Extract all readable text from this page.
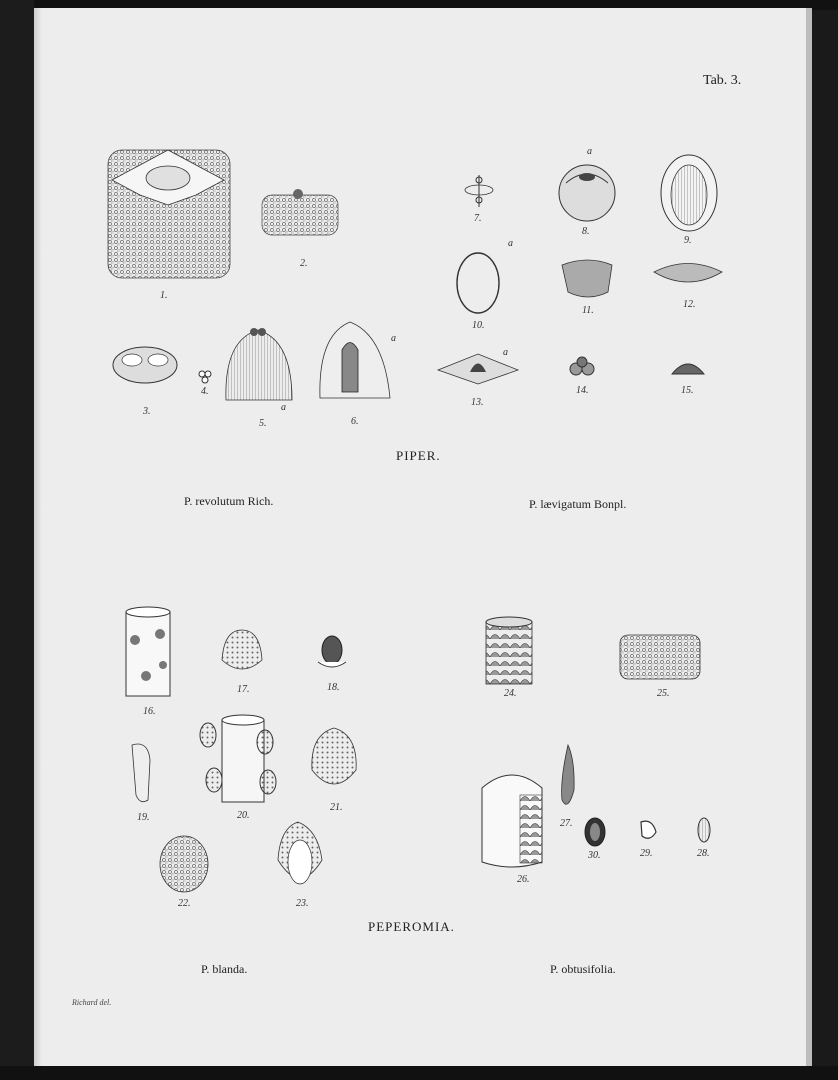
Tab. 3.
PIPER.
P. revolutum Rich.	P. lævigatum Bonpl.
PEPEROMIA.
P. blanda.	P. obtusifolia.
Richard del.
1.
2.
3.
4.
5.	6.
7.
8.
9.
10.
11.
12.
13.
14.	15.
a
a
a
a
a
16.
17.	18.
19.	20.
21.
22.	23.
24.	25.
26.
27.
28.
29.
30.
